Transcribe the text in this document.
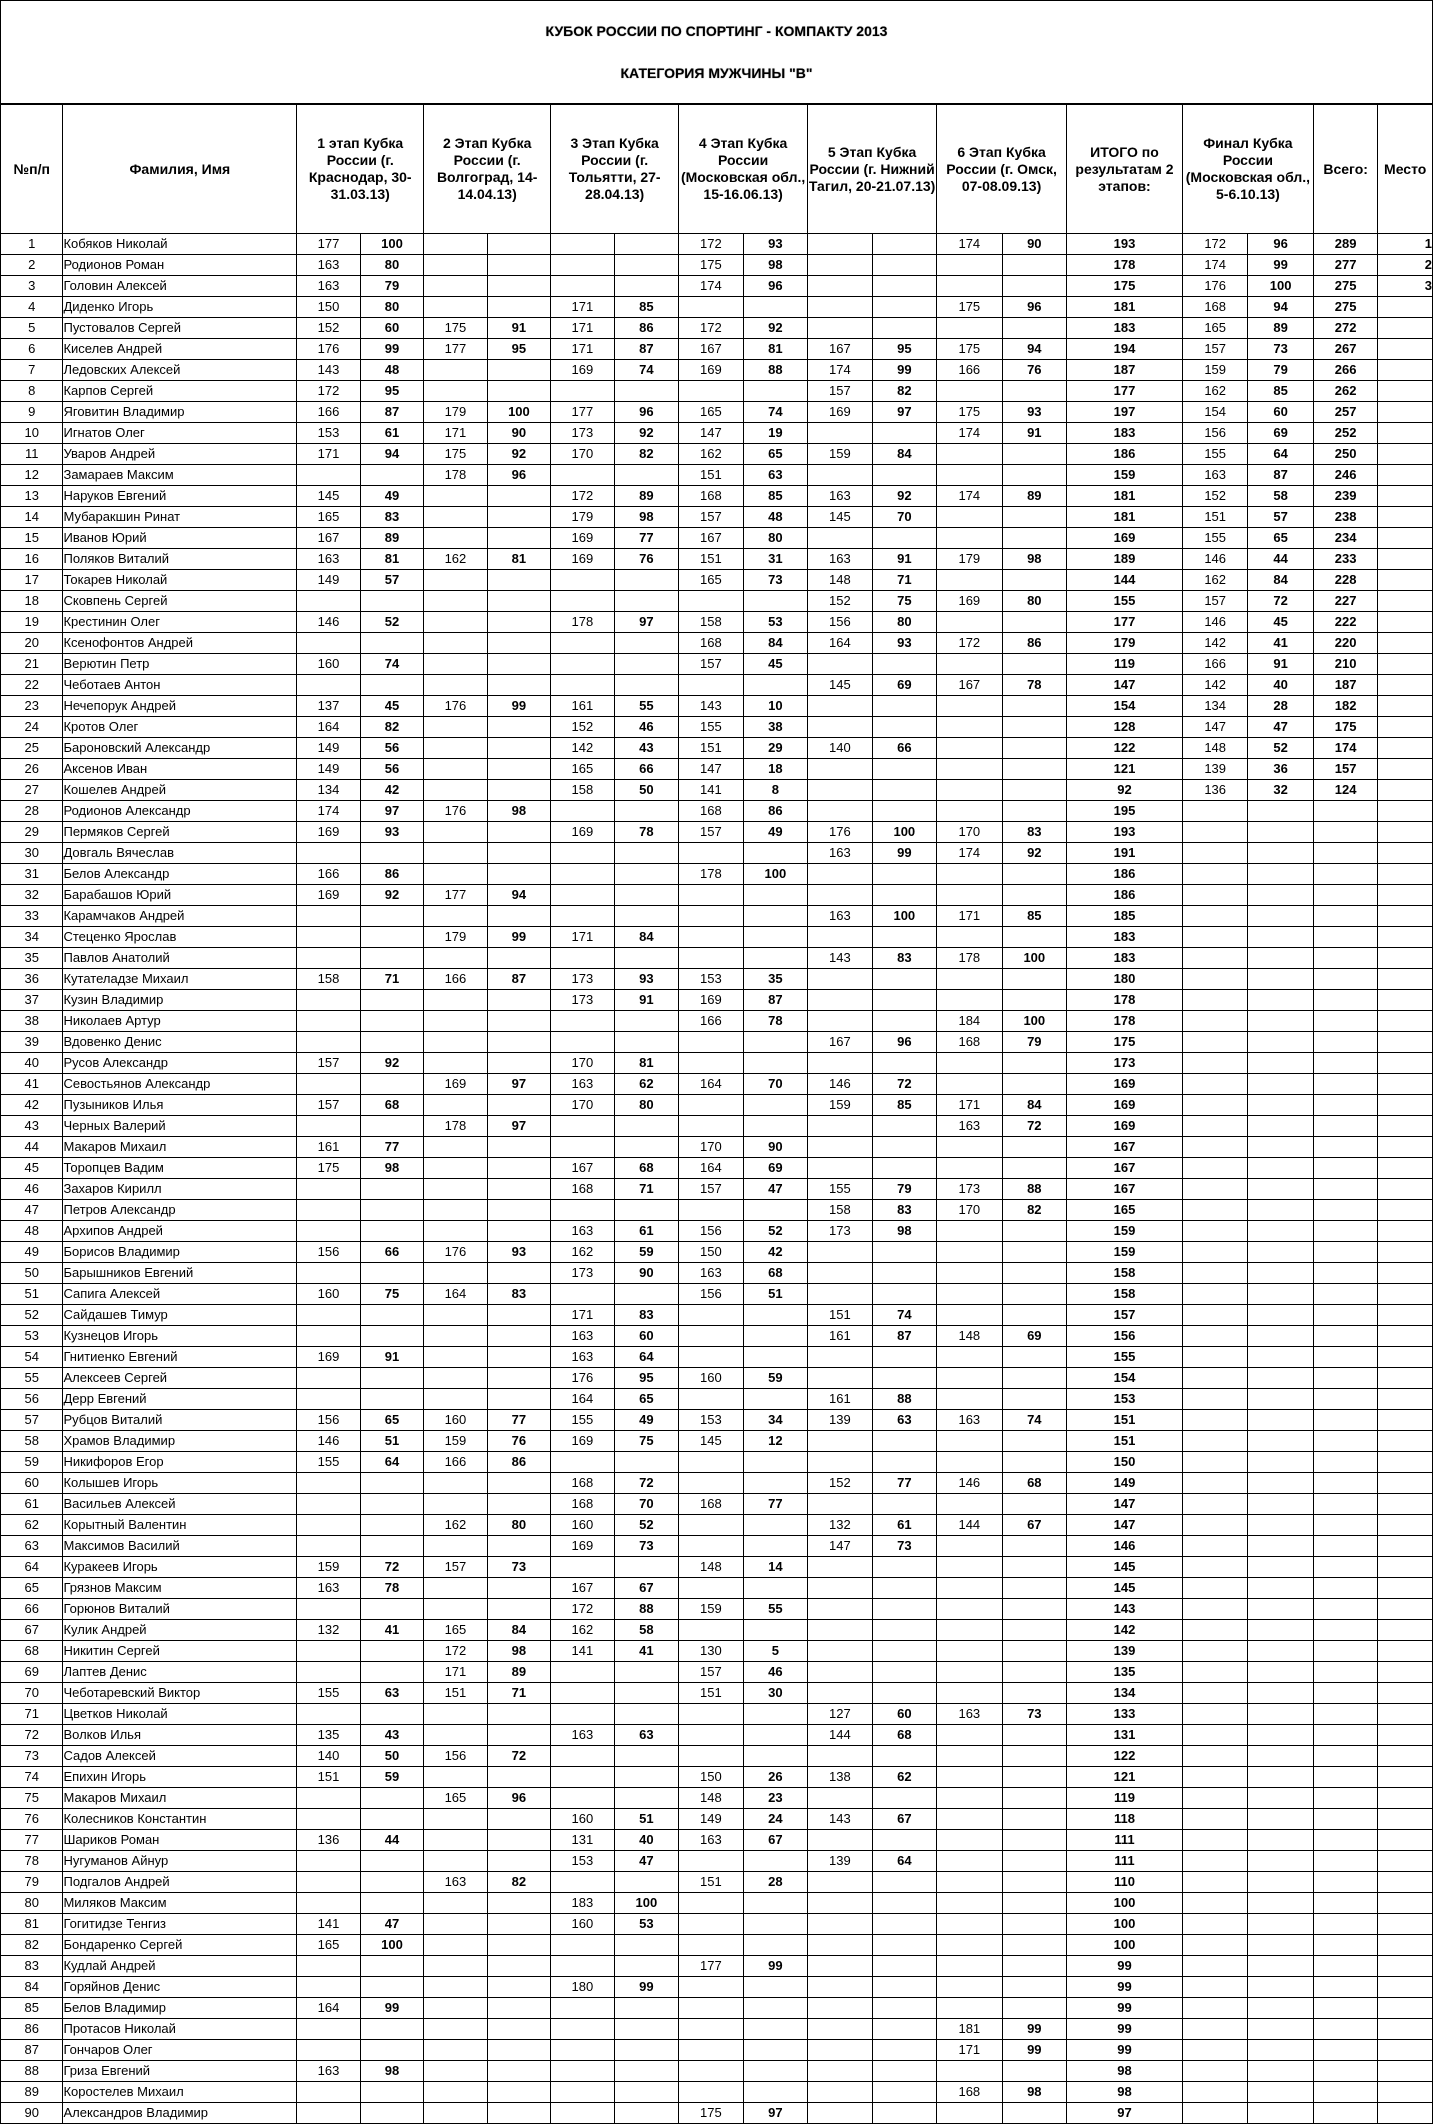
КУБОК РОССИИ ПО СПОРТИНГ - КОМПАКТУ 2013
КАТЕГОРИЯ МУЖЧИНЫ "В"
№п/п	Фамилия, Имя	1 этап Кубка России (г. Краснодар, 30-31.03.13)		2 Этап Кубка России (г. Волгоград, 14-14.04.13)		3 Этап Кубка России (г. Тольятти, 27-28.04.13)		4 Этап Кубка России (Московская обл., 15-16.06.13)		5 Этап Кубка России (г. Нижний Тагил, 20-21.07.13)		6 Этап Кубка России (г. Омск, 07-08.09.13)		ИТОГО по результатам 2 этапов:	Финал Кубка России (Московская обл., 5-6.10.13)		Всего:	Место
1	Кобяков Николай	177	100					172	93			174	90	193	172	96	289	1
2	Родионов Роман	163	80					175	98					178	174	99	277	2
3	Головин Алексей	163	79					174	96					175	176	100	275	3
4	Диденко Игорь	150	80			171	85					175	96	181	168	94	275	
5	Пустовалов Сергей	152	60	175	91	171	86	172	92					183	165	89	272	
6	Киселев Андрей	176	99	177	95	171	87	167	81	167	95	175	94	194	157	73	267	
7	Ледовских Алексей	143	48			169	74	169	88	174	99	166	76	187	159	79	266	
8	Карпов Сергей	172	95							157	82			177	162	85	262	
9	Яговитин Владимир	166	87	179	100	177	96	165	74	169	97	175	93	197	154	60	257	
10	Игнатов Олег	153	61	171	90	173	92	147	19			174	91	183	156	69	252	
11	Уваров Андрей	171	94	175	92	170	82	162	65	159	84			186	155	64	250	
12	Замараев Максим			178	96			151	63					159	163	87	246	
13	Наруков Евгений	145	49			172	89	168	85	163	92	174	89	181	152	58	239	
14	Мубаракшин Ринат	165	83			179	98	157	48	145	70			181	151	57	238	
15	Иванов Юрий	167	89			169	77	167	80					169	155	65	234	
16	Поляков Виталий	163	81	162	81	169	76	151	31	163	91	179	98	189	146	44	233	
17	Токарев Николай	149	57					165	73	148	71			144	162	84	228	
18	Сковпень Сергей									152	75	169	80	155	157	72	227	
19	Крестинин Олег	146	52			178	97	158	53	156	80			177	146	45	222	
20	Ксенофонтов Андрей							168	84	164	93	172	86	179	142	41	220	
21	Верютин Петр	160	74					157	45					119	166	91	210	
22	Чеботаев Антон									145	69	167	78	147	142	40	187	
23	Нечепорук Андрей	137	45	176	99	161	55	143	10					154	134	28	182	
24	Кротов Олег	164	82			152	46	155	38					128	147	47	175	
25	Бароновский Александр	149	56			142	43	151	29	140	66			122	148	52	174	
26	Аксенов Иван	149	56			165	66	147	18					121	139	36	157	
27	Кошелев Андрей	134	42			158	50	141	8					92	136	32	124	
28	Родионов Александр	174	97	176	98			168	86					195				
29	Пермяков Сергей	169	93			169	78	157	49	176	100	170	83	193				
30	Довгаль Вячеслав									163	99	174	92	191				
31	Белов Александр	166	86					178	100					186				
32	Барабашов Юрий	169	92	177	94									186				
33	Карамчаков Андрей									163	100	171	85	185				
34	Стеценко Ярослав			179	99	171	84							183				
35	Павлов Анатолий									143	83	178	100	183				
36	Кутателадзе Михаил	158	71	166	87	173	93	153	35					180				
37	Кузин Владимир					173	91	169	87					178				
38	Николаев Артур							166	78			184	100	178				
39	Вдовенко Денис									167	96	168	79	175				
40	Русов Александр	157	92			170	81							173				
41	Севостьянов Александр			169	97	163	62	164	70	146	72			169				
42	Пузыников Илья	157	68			170	80			159	85	171	84	169				
43	Черных Валерий			178	97							163	72	169				
44	Макаров Михаил	161	77					170	90					167				
45	Торопцев Вадим	175	98			167	68	164	69					167				
46	Захаров Кирилл					168	71	157	47	155	79	173	88	167				
47	Петров Александр									158	83	170	82	165				
48	Архипов Андрей					163	61	156	52	173	98			159				
49	Борисов Владимир	156	66	176	93	162	59	150	42					159				
50	Барышников Евгений					173	90	163	68					158				
51	Сапига Алексей	160	75	164	83			156	51					158				
52	Сайдашев Тимур					171	83			151	74			157				
53	Кузнецов Игорь					163	60			161	87	148	69	156				
54	Гнитиенко Евгений	169	91			163	64							155				
55	Алексеев Сергей					176	95	160	59					154				
56	Дерр Евгений					164	65			161	88			153				
57	Рубцов Виталий	156	65	160	77	155	49	153	34	139	63	163	74	151				
58	Храмов Владимир	146	51	159	76	169	75	145	12					151				
59	Никифоров Егор	155	64	166	86									150				
60	Колышев Игорь					168	72			152	77	146	68	149				
61	Васильев Алексей					168	70	168	77					147				
62	Корытный Валентин			162	80	160	52			132	61	144	67	147				
63	Максимов Василий					169	73			147	73			146				
64	Куракеев Игорь	159	72	157	73			148	14					145				
65	Грязнов Максим	163	78			167	67							145				
66	Горюнов Виталий					172	88	159	55					143				
67	Кулик Андрей	132	41	165	84	162	58							142				
68	Никитин Сергей			172	98	141	41	130	5					139				
69	Лаптев Денис			171	89			157	46					135				
70	Чеботаревский Виктор	155	63	151	71			151	30					134				
71	Цветков Николай									127	60	163	73	133				
72	Волков Илья	135	43			163	63			144	68			131				
73	Садов Алексей	140	50	156	72									122				
74	Епихин Игорь	151	59					150	26	138	62			121				
75	Макаров Михаил			165	96			148	23					119				
76	Колесников Константин					160	51	149	24	143	67			118				
77	Шариков Роман	136	44			131	40	163	67					111				
78	Нугуманов Айнур					153	47			139	64			111				
79	Подгалов Андрей			163	82			151	28					110				
80	Миляков Максим					183	100							100				
81	Гогитидзе Тенгиз	141	47			160	53							100				
82	Бондаренко Сергей	165	100											100				
83	Кудлай Андрей							177	99					99				
84	Горяйнов Денис					180	99							99				
85	Белов Владимир	164	99											99				
86	Протасов Николай											181	99	99				
87	Гончаров Олег											171	99	99				
88	Гриза Евгений	163	98											98				
89	Коростелев Михаил											168	98	98				
90	Александров Владимир							175	97					97				
